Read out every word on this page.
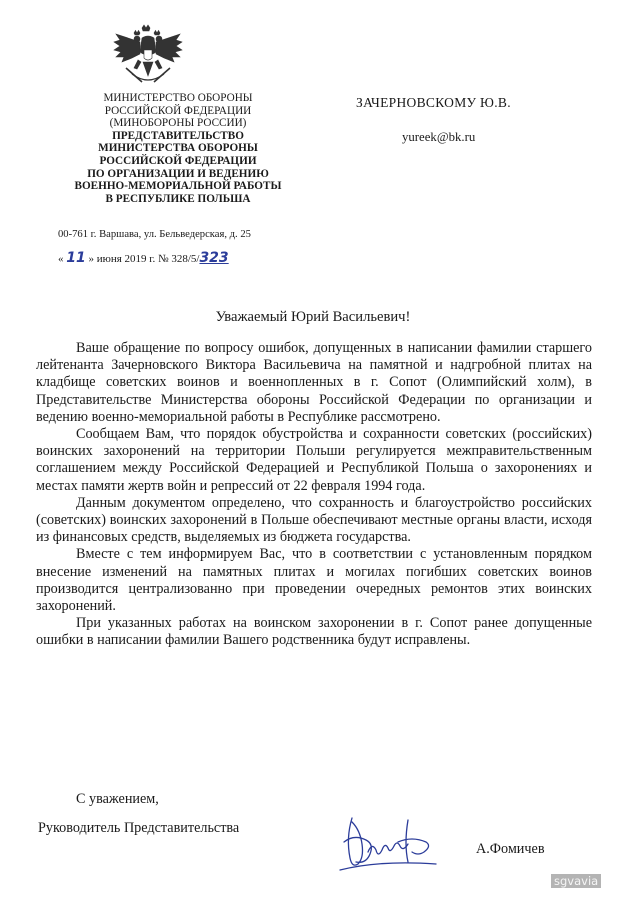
МИНИСТЕРСТВО ОБОРОНЫ
РОССИЙСКОЙ ФЕДЕРАЦИИ
(МИНОБОРОНЫ РОССИИ)
ПРЕДСТАВИТЕЛЬСТВО
МИНИСТЕРСТВА ОБОРОНЫ
РОССИЙСКОЙ ФЕДЕРАЦИИ
ПО ОРГАНИЗАЦИИ И ВЕДЕНИЮ
ВОЕННО-МЕМОРИАЛЬНОЙ РАБОТЫ
В РЕСПУБЛИКЕ ПОЛЬША
00-761 г. Варшава, ул. Бельведерская, д. 25
« 11 » июня 2019 г. № 328/5/323
ЗАЧЕРНОВСКОМУ Ю.В.
yureek@bk.ru
Уважаемый Юрий Васильевич!

Ваше обращение по вопросу ошибок, допущенных в написании фамилии старшего лейтенанта Зачерновского Виктора Васильевича на памятной и надгробной плитах на кладбище советских воинов и военнопленных в г. Сопот (Олимпийский холм), в Представительстве Министерства обороны Российской Федерации по организации и ведению военно-мемориальной работы в Республике рассмотрено.

Сообщаем Вам, что порядок обустройства и сохранности советских (российских) воинских захоронений на территории Польши регулируется межправительственным соглашением между Российской Федерацией и Республикой Польша о захоронениях и местах памяти жертв войн и репрессий от 22 февраля 1994 года.

Данным документом определено, что сохранность и благоустройство российских (советских) воинских захоронений в Польше обеспечивают местные органы власти, исходя из финансовых средств, выделяемых из бюджета государства.

Вместе с тем информируем Вас, что в соответствии с установленным порядком внесение изменений на памятных плитах и могилах погибших советских воинов производится централизованно при проведении очередных ремонтов этих воинских захоронений.

При указанных работах на воинском захоронении в г. Сопот ранее допущенные ошибки в написании фамилии Вашего родственника будут исправлены.

С уважением,
Руководитель Представительства
А.Фомичев
sgvavia
